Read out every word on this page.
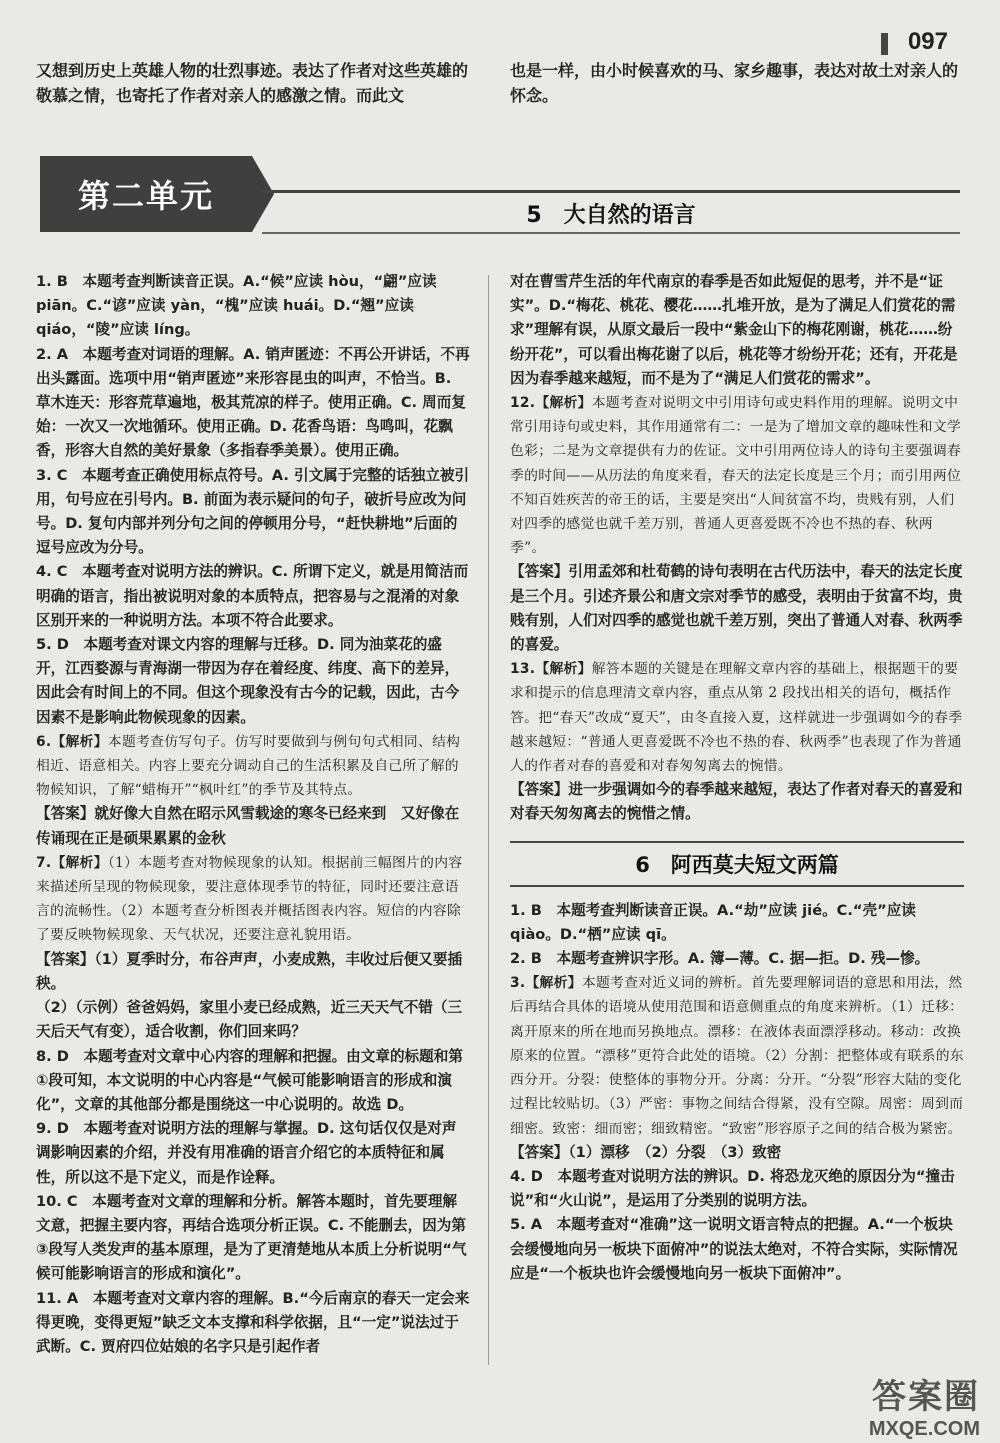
097

又想到历史上英雄人物的壮烈事迹。表达了作者对这些英雄的敬慕之情，也寄托了作者对亲人的感激之情。而此文

也是一样，由小时候喜欢的马、家乡趣事，表达对故土对亲人的怀念。

第二单元	5　大自然的语言

1. B　本题考查判断读音正误。A.“候”应读 hòu，“翩”应读 piān。C.“谚”应读 yàn，“槐”应读 huái。D.“翘”应读 qiáo，“陵”应读 líng。

2. A　本题考查对词语的理解。A. 销声匿迹：不再公开讲话，不再出头露面。选项中用“销声匿迹”来形容昆虫的叫声，不恰当。B. 草木连天：形容荒草遍地，极其荒凉的样子。使用正确。C. 周而复始：一次又一次地循环。使用正确。D. 花香鸟语：鸟鸣叫，花飘香，形容大自然的美好景象（多指春季美景）。使用正确。

3. C　本题考查正确使用标点符号。A. 引文属于完整的话独立被引用，句号应在引号内。B. 前面为表示疑问的句子，破折号应改为问号。D. 复句内部并列分句之间的停顿用分号，“赶快耕地”后面的逗号应改为分号。

4. C　本题考查对说明方法的辨识。C. 所谓下定义，就是用简洁而明确的语言，指出被说明对象的本质特点，把容易与之混淆的对象区别开来的一种说明方法。本项不符合此要求。

5. D　本题考查对课文内容的理解与迁移。D. 同为油菜花的盛开，江西婺源与青海湖一带因为存在着经度、纬度、高下的差异，因此会有时间上的不同。但这个现象没有古今的记载，因此，古今因素不是影响此物候现象的因素。

6.【解析】本题考查仿写句子。仿写时要做到与例句句式相同、结构相近、语意相关。内容上要充分调动自己的生活积累及自己所了解的物候知识，了解“蜡梅开”“枫叶红”的季节及其特点。

【答案】就好像大自然在昭示风雪载途的寒冬已经来到　又好像在传诵现在正是硕果累累的金秋

7.【解析】（1）本题考查对物候现象的认知。根据前三幅图片的内容来描述所呈现的物候现象，要注意体现季节的特征，同时还要注意语言的流畅性。（2）本题考查分析图表并概括图表内容。短信的内容除了要反映物候现象、天气状况，还要注意礼貌用语。

【答案】（1）夏季时分，布谷声声，小麦成熟，丰收过后便又要插秧。

（2）（示例）爸爸妈妈，家里小麦已经成熟，近三天天气不错（三天后天气有变），适合收割，你们回来吗？

8. D　本题考查对文章中心内容的理解和把握。由文章的标题和第①段可知，本文说明的中心内容是“气候可能影响语言的形成和演化”，文章的其他部分都是围绕这一中心说明的。故选 D。

9. D　本题考查对说明方法的理解与掌握。D. 这句话仅仅是对声调影响因素的介绍，并没有用准确的语言介绍它的本质特征和属性，所以这不是下定义，而是作诠释。

10. C　本题考查对文章的理解和分析。解答本题时，首先要理解文意，把握主要内容，再结合选项分析正误。C. 不能删去，因为第③段写人类发声的基本原理，是为了更清楚地从本质上分析说明“气候可能影响语言的形成和演化”。

11. A　本题考查对文章内容的理解。B.“今后南京的春天一定会来得更晚，变得更短”缺乏文本支撑和科学依据，且“一定”说法过于武断。C. 贾府四位姑娘的名字只是引起作者

对在曹雪芹生活的年代南京的春季是否如此短促的思考，并不是“证实”。D.“梅花、桃花、樱花……扎堆开放，是为了满足人们赏花的需求”理解有误，从原文最后一段中“紫金山下的梅花刚谢，桃花……纷纷开花”，可以看出梅花谢了以后，桃花等才纷纷开花；还有，开花是因为春季越来越短，而不是为了“满足人们赏花的需求”。

12.【解析】本题考查对说明文中引用诗句或史料作用的理解。说明文中常引用诗句或史料，其作用通常有二：一是为了增加文章的趣味性和文学色彩；二是为文章提供有力的佐证。文中引用两位诗人的诗句主要强调春季的时间——从历法的角度来看，春天的法定长度是三个月；而引用两位不知百姓疾苦的帝王的话，主要是突出“人间贫富不均，贵贱有别，人们对四季的感觉也就千差万别，普通人更喜爱既不冷也不热的春、秋两季”。

【答案】引用孟郊和杜荀鹤的诗句表明在古代历法中，春天的法定长度是三个月。引述齐景公和唐文宗对季节的感受，表明由于贫富不均，贵贱有别，人们对四季的感觉也就千差万别，突出了普通人对春、秋两季的喜爱。

13.【解析】解答本题的关键是在理解文章内容的基础上，根据题干的要求和提示的信息理清文章内容，重点从第 2 段找出相关的语句，概括作答。把“春天”改成“夏天”，由冬直接入夏，这样就进一步强调如今的春季越来越短：“普通人更喜爱既不冷也不热的春、秋两季”也表现了作为普通人的作者对春的喜爱和对春匆匆离去的惋惜。

【答案】进一步强调如今的春季越来越短，表达了作者对春天的喜爱和对春天匆匆离去的惋惜之情。

6　阿西莫夫短文两篇

1. B　本题考查判断读音正误。A.“劫”应读 jié。C.“壳”应读 qiào。D.“栖”应读 qī。

2. B　本题考查辨识字形。A. 簿—薄。C. 据—拒。D. 残—惨。

3.【解析】本题考查对近义词的辨析。首先要理解词语的意思和用法，然后再结合具体的语境从使用范围和语意侧重点的角度来辨析。（1）迁移：离开原来的所在地而另换地点。漂移：在液体表面漂浮移动。移动：改换原来的位置。“漂移”更符合此处的语境。（2）分割：把整体或有联系的东西分开。分裂：使整体的事物分开。分离：分开。“分裂”形容大陆的变化过程比较贴切。（3）严密：事物之间结合得紧，没有空隙。周密：周到而细密。致密：细而密；细致精密。“致密”形容原子之间的结合极为紧密。

【答案】（1）漂移　（2）分裂　（3）致密

4. D　本题考查对说明方法的辨识。D. 将恐龙灭绝的原因分为“撞击说”和“火山说”，是运用了分类别的说明方法。

5. A　本题考查对“准确”这一说明文语言特点的把握。A.“一个板块会缓慢地向另一板块下面俯冲”的说法太绝对，不符合实际，实际情况应是“一个板块也许会缓慢地向另一板块下面俯冲”。

答案圈
MXQE.COM
